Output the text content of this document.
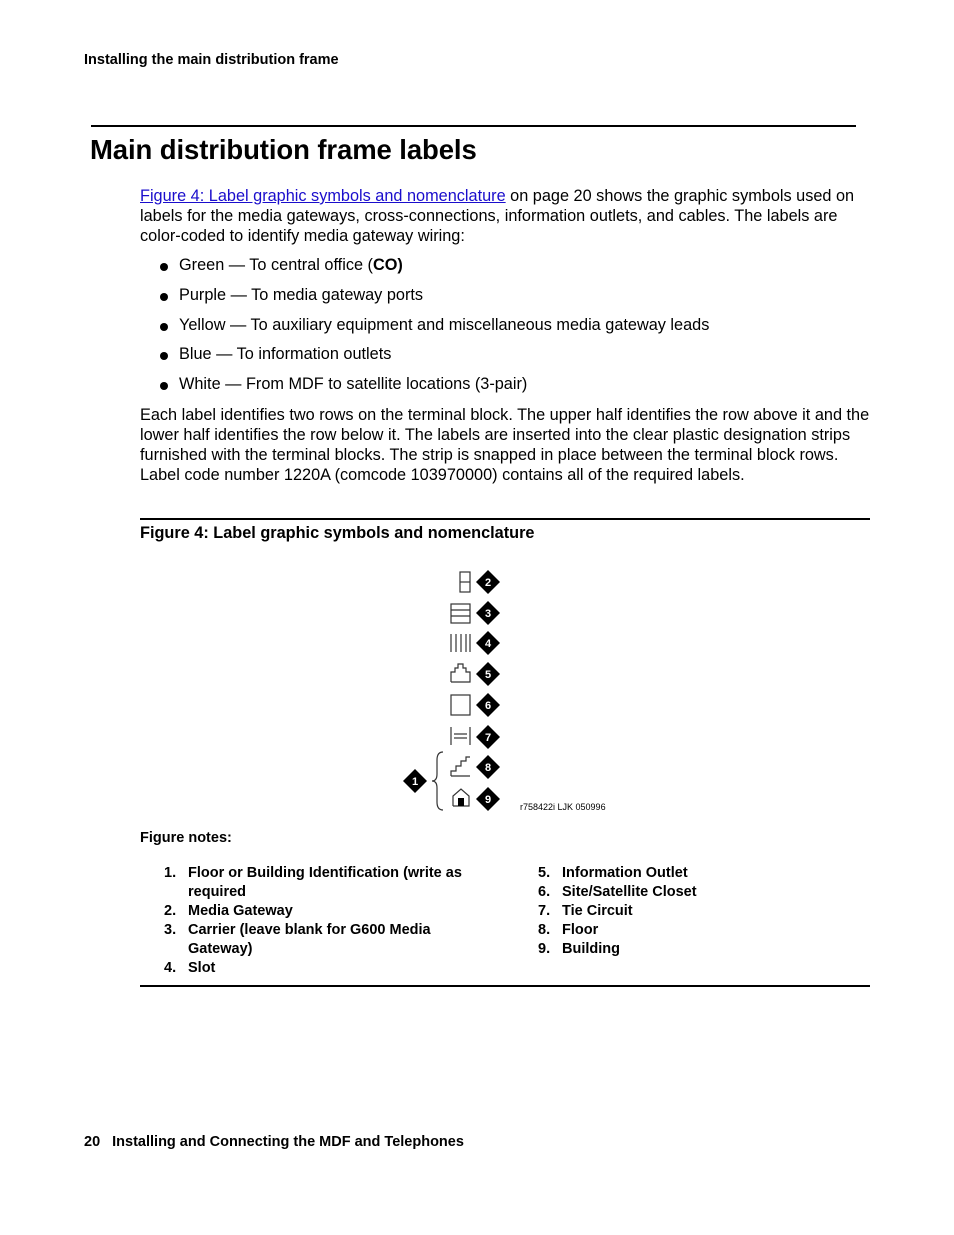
Installing the main distribution frame
Main distribution frame labels
Figure 4: Label graphic symbols and nomenclature on page 20 shows the graphic symbols used on labels for the media gateways, cross-connections, information outlets, and cables. The labels are color-coded to identify media gateway wiring:
Green — To central office (CO)
Purple — To media gateway ports
Yellow — To auxiliary equipment and miscellaneous media gateway leads
Blue — To information outlets
White — From MDF to satellite locations (3-pair)
Each label identifies two rows on the terminal block. The upper half identifies the row above it and the lower half identifies the row below it. The labels are inserted into the clear plastic designation strips furnished with the terminal blocks. The strip is snapped in place between the terminal block rows. Label code number 1220A (comcode 103970000) contains all of the required labels.
Figure 4: Label graphic symbols and nomenclature
2
3
4
5
6
7
8
9
1
r758422i LJK 050996
Figure notes:
1. Floor or Building Identification (write as required
2. Media Gateway
3. Carrier (leave blank for G600 Media Gateway)
4. Slot
5. Information Outlet
6. Site/Satellite Closet
7. Tie Circuit
8. Floor
9. Building
20 Installing and Connecting the MDF and Telephones
